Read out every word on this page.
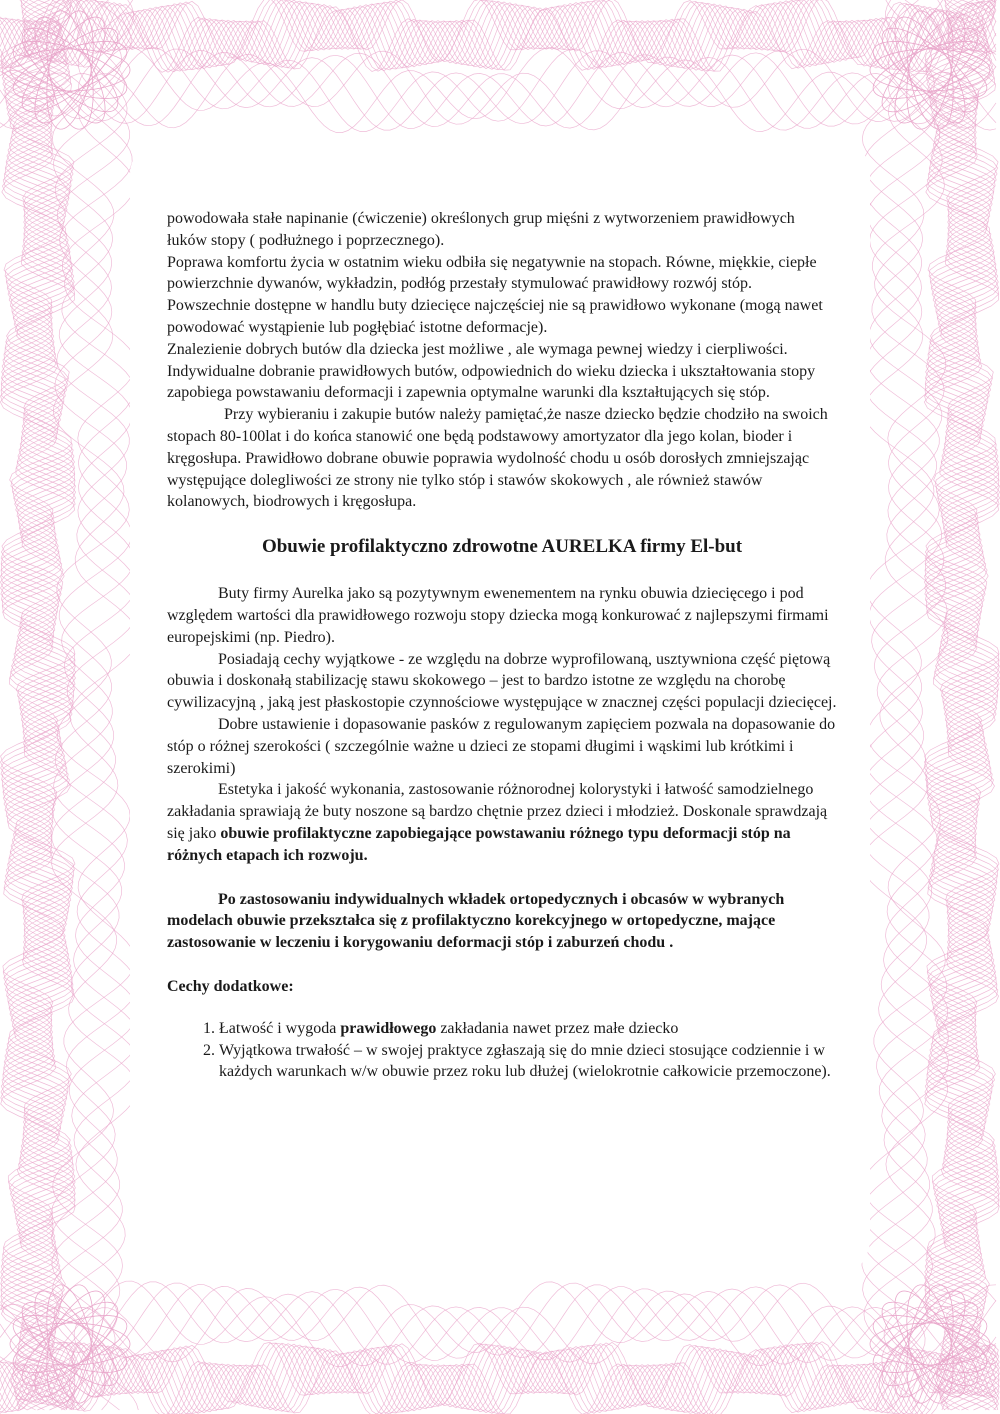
powodowała stałe napinanie (ćwiczenie) określonych grup mięśni z wytworzeniem prawidłowych łuków stopy ( podłużnego i poprzecznego).

Poprawa komfortu życia w ostatnim wieku odbiła się negatywnie na stopach. Równe, miękkie, ciepłe powierzchnie dywanów, wykładzin, podłóg przestały stymulować prawidłowy rozwój stóp. Powszechnie dostępne w handlu buty dziecięce najczęściej nie są prawidłowo wykonane (mogą nawet powodować wystąpienie lub pogłębiać istotne deformacje).

Znalezienie dobrych butów dla dziecka jest możliwe , ale wymaga pewnej wiedzy i cierpliwości.

Indywidualne dobranie prawidłowych butów, odpowiednich do wieku dziecka i ukształtowania stopy zapobiega powstawaniu deformacji i zapewnia optymalne warunki dla kształtujących się stóp.

Przy wybieraniu i zakupie butów należy pamiętać,że nasze dziecko będzie chodziło na swoich stopach 80-100lat i do końca stanowić one będą podstawowy amortyzator dla jego kolan, bioder i kręgosłupa. Prawidłowo dobrane obuwie poprawia wydolność chodu u osób dorosłych zmniejszając występujące dolegliwości ze strony nie tylko stóp i stawów skokowych , ale również stawów kolanowych, biodrowych i kręgosłupa.

Obuwie profilaktyczno zdrowotne AURELKA firmy El-but

Buty firmy Aurelka jako są pozytywnym ewenementem na rynku obuwia dziecięcego i pod względem wartości dla prawidłowego rozwoju stopy dziecka mogą konkurować z najlepszymi firmami europejskimi (np. Piedro).

Posiadają cechy wyjątkowe - ze względu na dobrze wyprofilowaną, usztywniona część piętową obuwia i doskonałą stabilizację stawu skokowego – jest to bardzo istotne ze względu na chorobę cywilizacyjną , jaką jest płaskostopie czynnościowe występujące w znacznej części populacji dziecięcej.

Dobre ustawienie i dopasowanie pasków z regulowanym zapięciem pozwala na dopasowanie do stóp o różnej szerokości ( szczególnie ważne u dzieci ze stopami długimi i wąskimi lub krótkimi i szerokimi)

Estetyka i jakość wykonania, zastosowanie różnorodnej kolorystyki i łatwość samodzielnego zakładania sprawiają że buty noszone są bardzo chętnie przez dzieci i młodzież. Doskonale sprawdzają się jako obuwie profilaktyczne zapobiegające powstawaniu różnego typu deformacji stóp na różnych etapach ich rozwoju.

Po zastosowaniu indywidualnych wkładek ortopedycznych i obcasów w wybranych modelach obuwie przekształca się z profilaktyczno korekcyjnego w ortopedyczne, mające zastosowanie w leczeniu i korygowaniu deformacji stóp i zaburzeń chodu .

Cechy dodatkowe:

1. Łatwość i wygoda prawidłowego zakładania nawet przez małe dziecko
2. Wyjątkowa trwałość – w swojej praktyce zgłaszają się do mnie dzieci stosujące codziennie i w każdych warunkach w/w obuwie przez roku lub dłużej (wielokrotnie całkowicie przemoczone).
